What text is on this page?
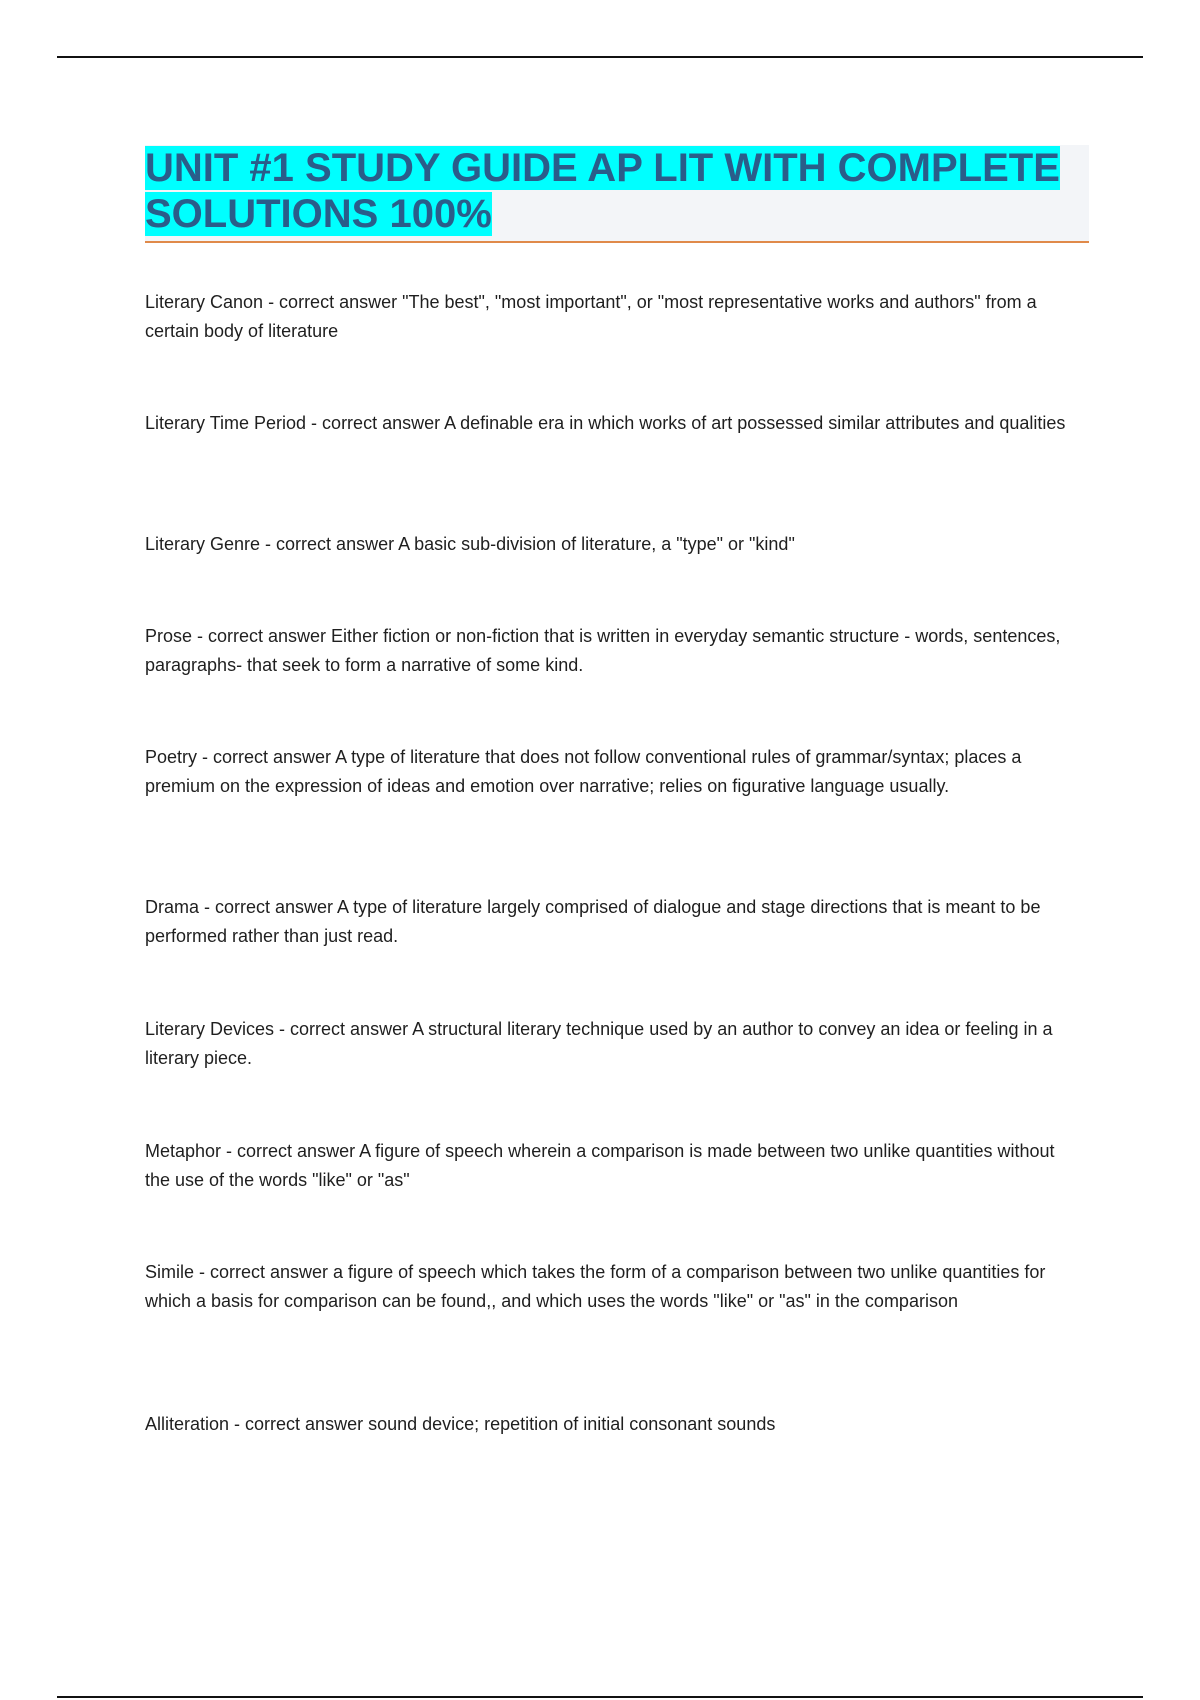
UNIT #1 STUDY GUIDE AP LIT WITH COMPLETE SOLUTIONS 100%

Literary Canon - correct answer "The best", "most important", or "most representative works and authors" from a certain body of literature

Literary Time Period - correct answer A definable era in which works of art possessed similar attributes and qualities

Literary Genre - correct answer A basic sub-division of literature, a "type" or "kind"

Prose - correct answer Either fiction or non-fiction that is written in everyday semantic structure - words, sentences, paragraphs- that seek to form a narrative of some kind.

Poetry - correct answer A type of literature that does not follow conventional rules of grammar/syntax; places a premium on the expression of ideas and emotion over narrative; relies on figurative language usually.

Drama - correct answer A type of literature largely comprised of dialogue and stage directions that is meant to be performed rather than just read.

Literary Devices - correct answer A structural literary technique used by an author to convey an idea or feeling in a literary piece.

Metaphor - correct answer A figure of speech wherein a comparison is made between two unlike quantities without the use of the words "like" or "as"

Simile - correct answer a figure of speech which takes the form of a comparison between two unlike quantities for which a basis for comparison can be found,, and which uses the words "like" or "as" in the comparison

Alliteration - correct answer sound device; repetition of initial consonant sounds
